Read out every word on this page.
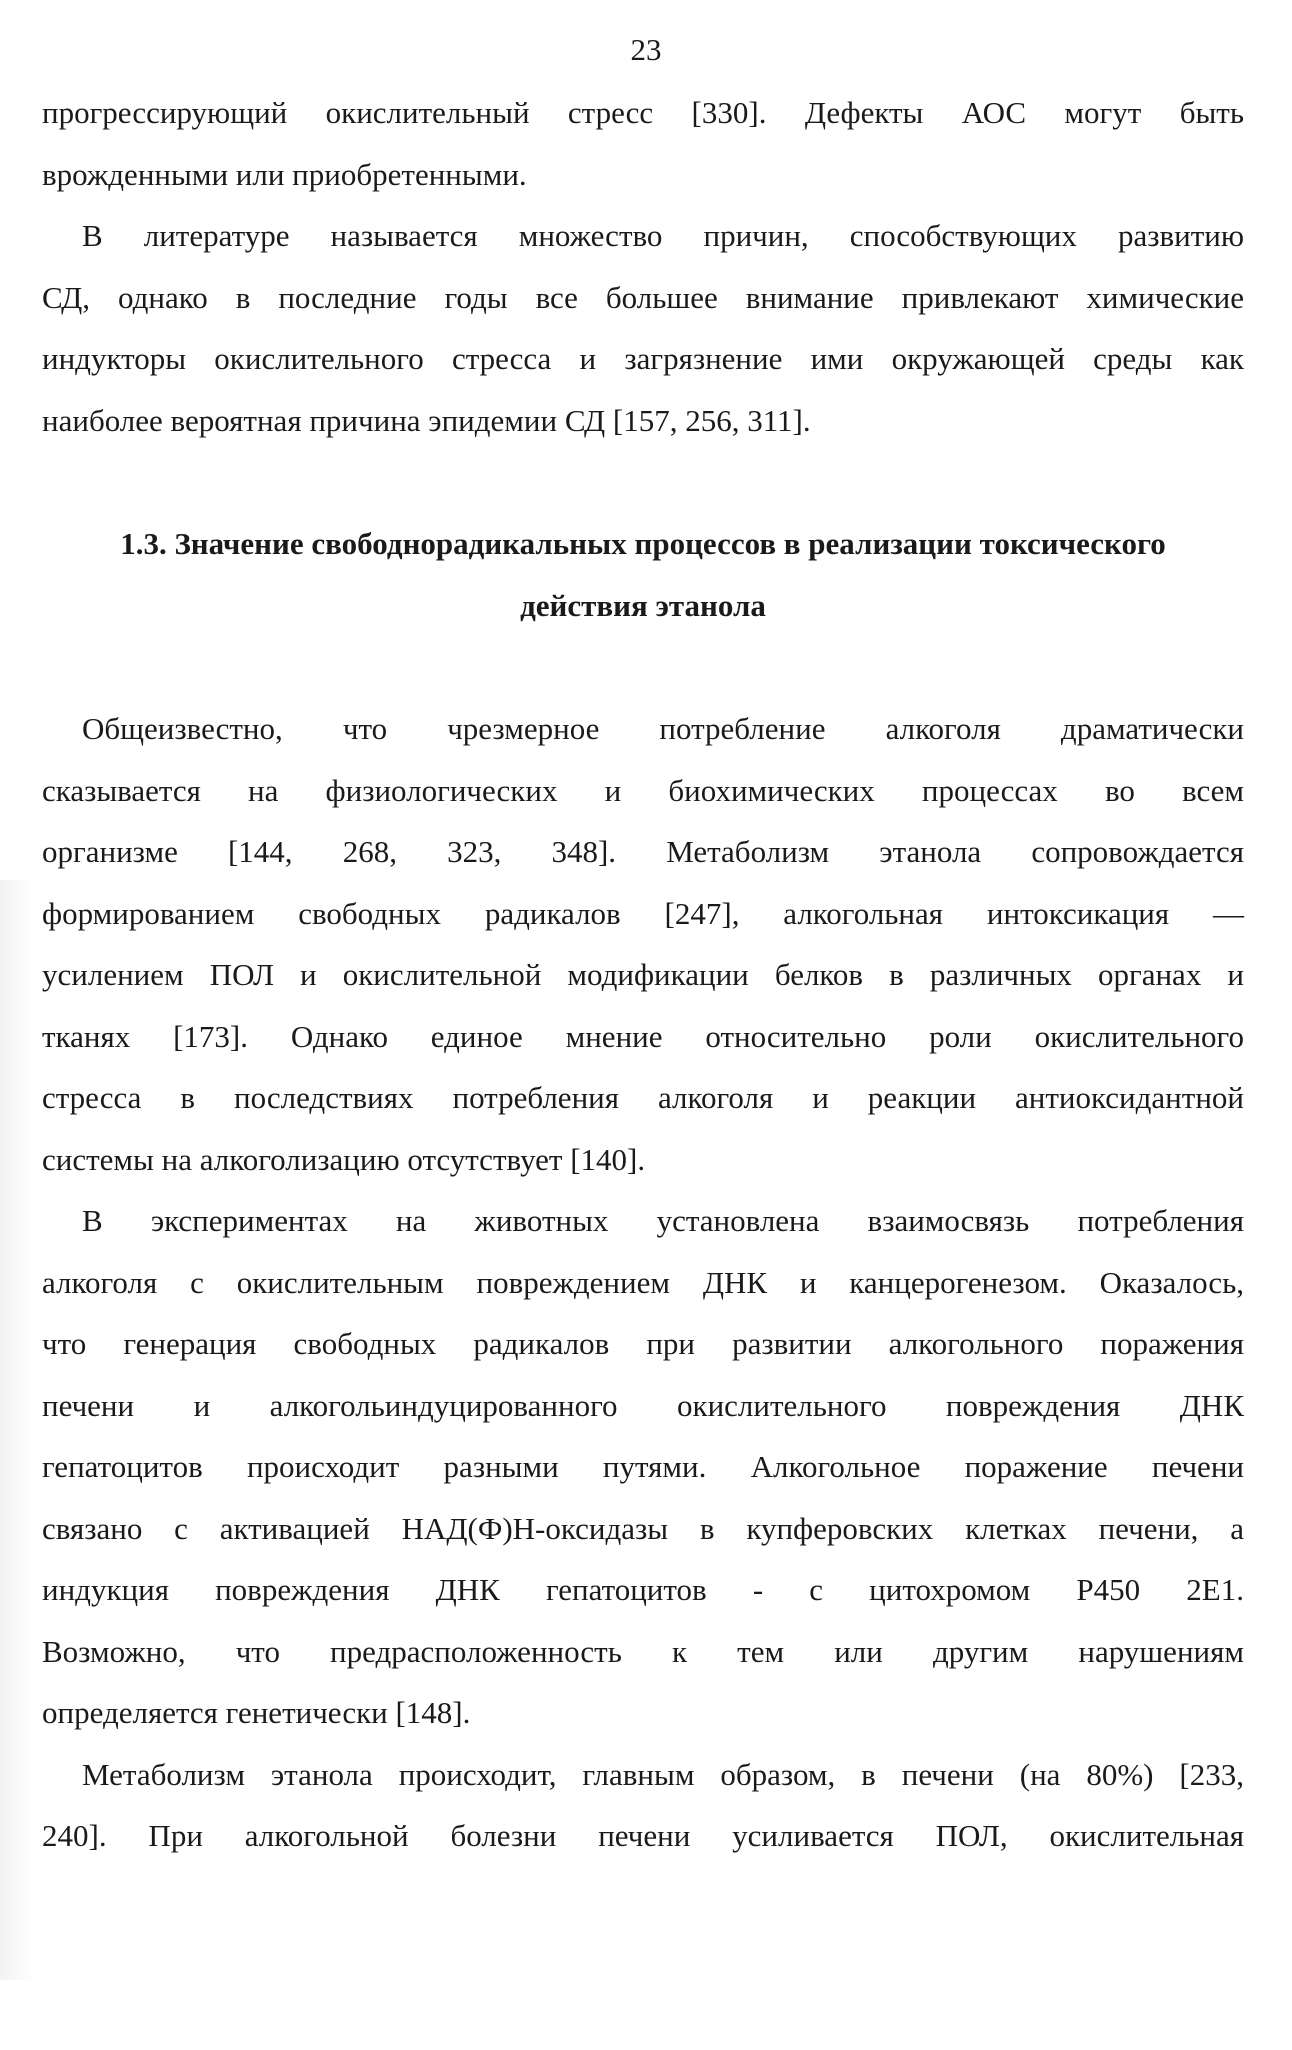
23
прогрессирующий окислительный стресс [330]. Дефекты АОС могут быть
врожденными или приобретенными.
В литературе называется множество причин, способствующих развитию
СД, однако в последние годы все большее внимание привлекают химические
индукторы окислительного стресса и загрязнение ими окружающей среды как
наиболее вероятная причина эпидемии СД [157, 256, 311].
1.3. Значение свободнорадикальных процессов в реализации токсического
действия этанола
Общеизвестно, что чрезмерное потребление алкоголя драматически
сказывается на физиологических и биохимических процессах во всем
организме [144, 268, 323, 348]. Метаболизм этанола сопровождается
формированием свободных радикалов [247], алкогольная интоксикация —
усилением ПОЛ и окислительной модификации белков в различных органах и
тканях [173]. Однако единое мнение относительно роли окислительного
стресса в последствиях потребления алкоголя и реакции антиоксидантной
системы на алкоголизацию отсутствует [140].
В экспериментах на животных установлена взаимосвязь потребления
алкоголя с окислительным повреждением ДНК и канцерогенезом. Оказалось,
что генерация свободных радикалов при развитии алкогольного поражения
печени и алкогольиндуцированного окислительного повреждения ДНК
гепатоцитов происходит разными путями. Алкогольное поражение печени
связано с активацией НАД(Ф)Н-оксидазы в купферовских клетках печени, а
индукция повреждения ДНК гепатоцитов - с цитохромом Р450 2Е1.
Возможно, что предрасположенность к тем или другим нарушениям
определяется генетически [148].
Метаболизм этанола происходит, главным образом, в печени (на 80%) [233,
240]. При алкогольной болезни печени усиливается ПОЛ, окислительная
